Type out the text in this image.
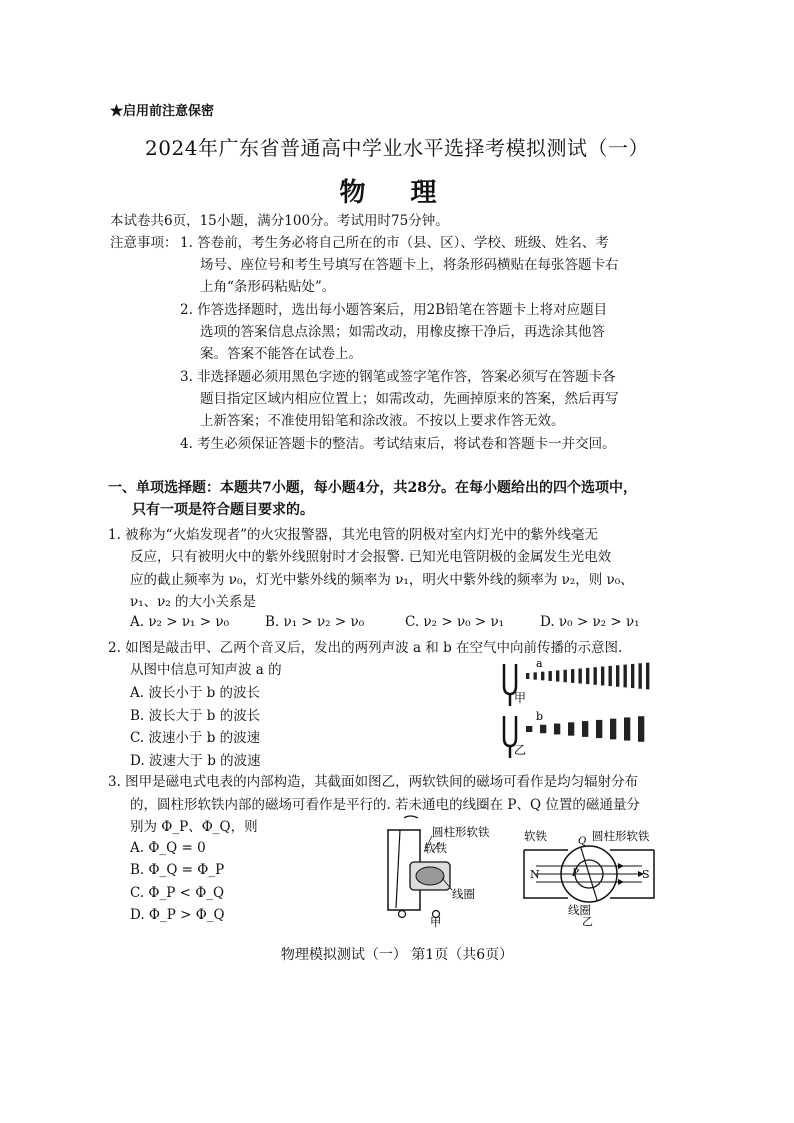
★启用前注意保密
2024年广东省普通高中学业水平选择考模拟测试（一）
物 理
本试卷共6页，15小题，满分100分。考试用时75分钟。
注意事项： 1. 答卷前，考生务必将自己所在的市（县、区）、学校、班级、姓名、考
场号、座位号和考生号填写在答题卡上，将条形码横贴在每张答题卡右
上角“条形码粘贴处”。
2. 作答选择题时，选出每小题答案后，用2B铅笔在答题卡上将对应题目
选项的答案信息点涂黑；如需改动，用橡皮擦干净后，再选涂其他答
案。答案不能答在试卷上。
3. 非选择题必须用黑色字迹的钢笔或签字笔作答，答案必须写在答题卡各
题目指定区域内相应位置上；如需改动，先画掉原来的答案，然后再写
上新答案；不准使用铅笔和涂改液。不按以上要求作答无效。
4. 考生必须保证答题卡的整洁。考试结束后，将试卷和答题卡一并交回。
一、单项选择题：本题共7小题，每小题4分，共28分。在每小题给出的四个选项中，
只有一项是符合题目要求的。
1. 被称为“火焰发现者”的火灾报警器，其光电管的阴极对室内灯光中的紫外线毫无
反应，只有被明火中的紫外线照射时才会报警. 已知光电管阴极的金属发生光电效
应的截止频率为 ν₀，灯光中紫外线的频率为 ν₁，明火中紫外线的频率为 ν₂，则 ν₀、
ν₁、ν₂ 的大小关系是
A. ν₂ > ν₁ > ν₀	B. ν₁ > ν₂ > ν₀	C. ν₂ > ν₀ > ν₁	D. ν₀ > ν₂ > ν₁
2. 如图是敲击甲、乙两个音叉后，发出的两列声波 a 和 b 在空气中向前传播的示意图.
从图中信息可知声波 a 的
A. 波长小于 b 的波长
B. 波长大于 b 的波长
C. 波速小于 b 的波速
D. 波速大于 b 的波速
甲
a
乙
b
3. 图甲是磁电式电表的内部构造，其截面如图乙，两软铁间的磁场可看作是均匀辐射分布
的，圆柱形软铁内部的磁场可看作是平行的. 若未通电的线圈在 P、Q 位置的磁通量分
别为 Φ_P、Φ_Q，则
A. Φ_Q = 0
B. Φ_Q = Φ_P
C. Φ_P < Φ_Q
D. Φ_P > Φ_Q
圆柱形软铁
软铁
线圈
甲
N	S
P
Q
软铁	圆柱形软铁
线圈
乙
物理模拟测试（一） 第1页（共6页）
